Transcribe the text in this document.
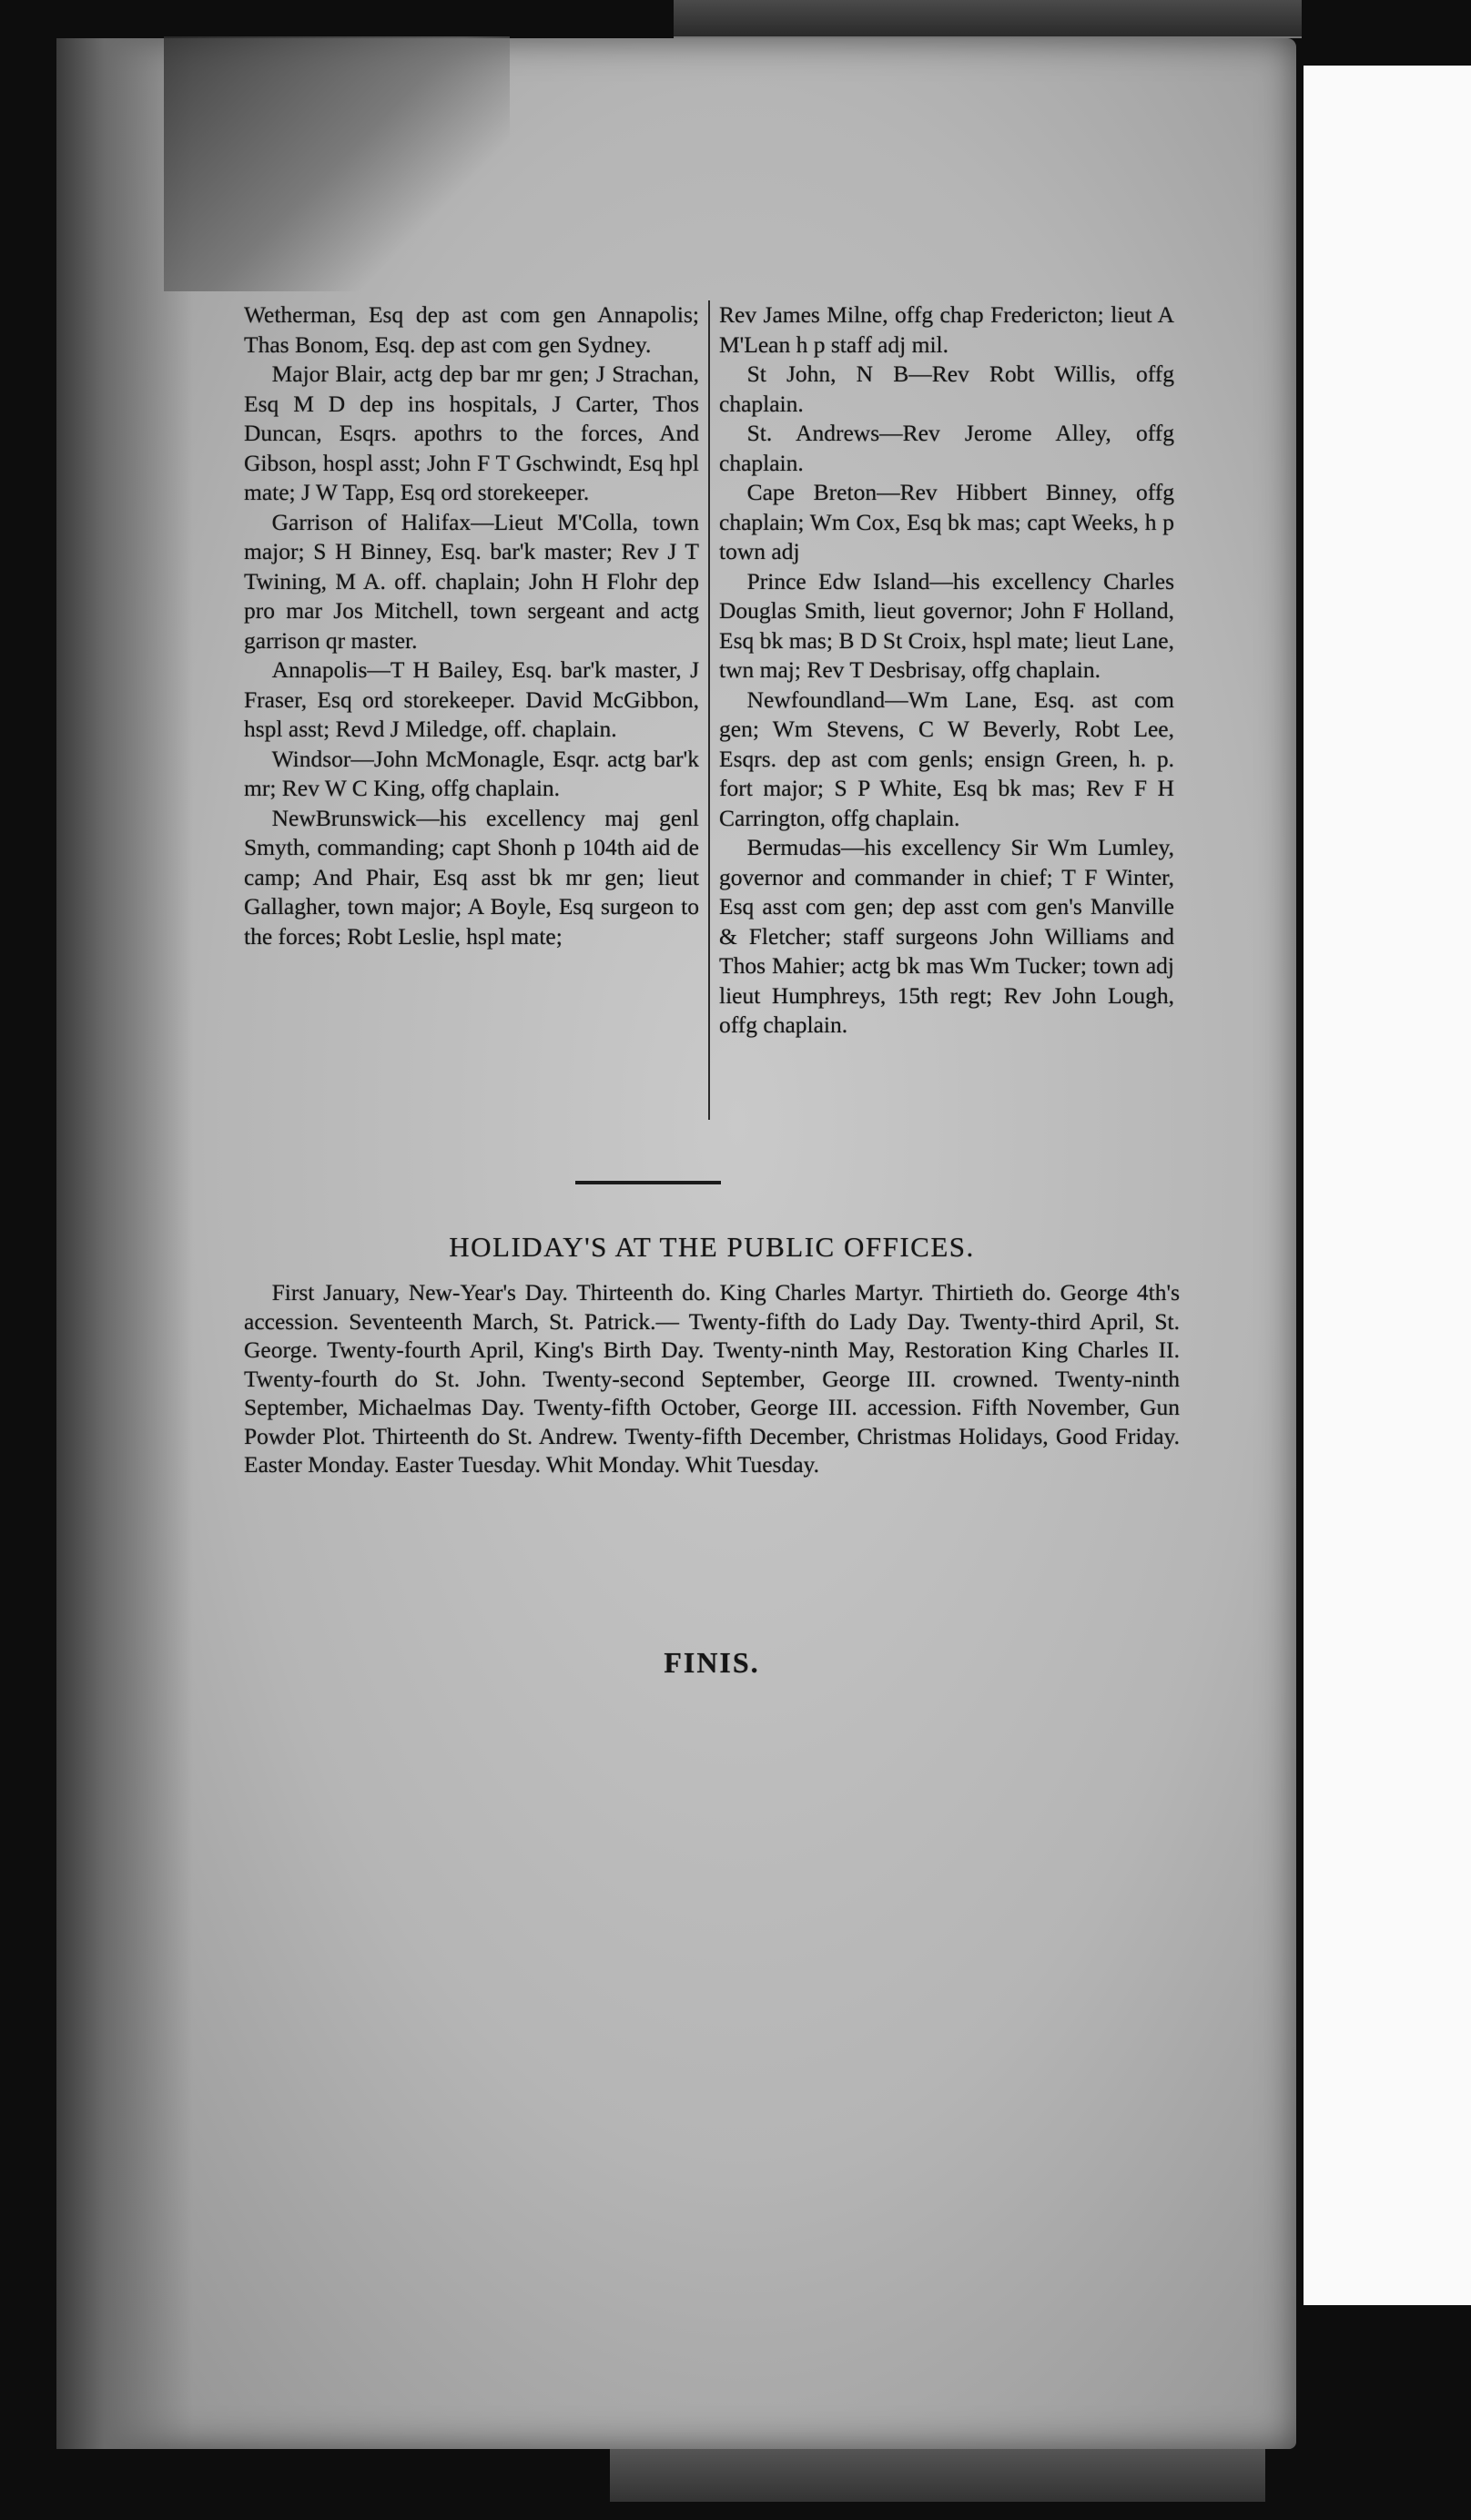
Wetherman, Esq dep ast com gen Annapolis; Thas Bonom, Esq. dep ast com gen Sydney.

Major Blair, actg dep bar mr gen; J Strachan, Esq M D dep ins hospitals, J Carter, Thos Duncan, Esqrs. apothrs to the forces, And Gibson, hospl asst; John F T Gschwindt, Esq hpl mate; J W Tapp, Esq ord storekeeper.

Garrison of Halifax—Lieut M'Colla, town major; S H Binney, Esq. bar'k master; Rev J T Twining, M A. off. chaplain; John H Flohr dep pro mar Jos Mitchell, town sergeant and actg garrison qr master.

Annapolis—T H Bailey, Esq. bar'k master, J Fraser, Esq ord storekeeper. David McGibbon, hspl asst; Revd J Miledge, off. chaplain.

Windsor—John McMonagle, Esqr. actg bar'k mr; Rev W C King, offg chaplain.

NewBrunswick—his excellency maj genl Smyth, commanding; capt Shonh p 104th aid de camp; And Phair, Esq asst bk mr gen; lieut Gallagher, town major; A Boyle, Esq surgeon to the forces; Robt Leslie, hspl mate;

Rev James Milne, offg chap Fredericton; lieut A M'Lean h p staff adj mil.

St John, N B—Rev Robt Willis, offg chaplain.

St. Andrews—Rev Jerome Alley, offg chaplain.

Cape Breton—Rev Hibbert Binney, offg chaplain; Wm Cox, Esq bk mas; capt Weeks, h p town adj

Prince Edw Island—his excellency Charles Douglas Smith, lieut governor; John F Holland, Esq bk mas; B D St Croix, hspl mate; lieut Lane, twn maj; Rev T Desbrisay, offg chaplain.

Newfoundland—Wm Lane, Esq. ast com gen; Wm Stevens, C W Beverly, Robt Lee, Esqrs. dep ast com genls; ensign Green, h. p. fort major; S P White, Esq bk mas; Rev F H Carrington, offg chaplain.

Bermudas—his excellency Sir Wm Lumley, governor and commander in chief; T F Winter, Esq asst com gen; dep asst com gen's Manville & Fletcher; staff surgeons John Williams and Thos Mahier; actg bk mas Wm Tucker; town adj lieut Humphreys, 15th regt; Rev John Lough, offg chaplain.

HOLIDAY'S AT THE PUBLIC OFFICES.

First January, New-Year's Day. Thirteenth do. King Charles Martyr. Thirtieth do. George 4th's accession. Seventeenth March, St. Patrick.— Twenty-fifth do Lady Day. Twenty-third April, St. George. Twenty-fourth April, King's Birth Day. Twenty-ninth May, Restoration King Charles II. Twenty-fourth do St. John. Twenty-second September, George III. crowned. Twenty-ninth September, Michaelmas Day. Twenty-fifth October, George III. accession. Fifth November, Gun Powder Plot. Thirteenth do St. Andrew. Twenty-fifth December, Christmas Holidays, Good Friday. Easter Monday. Easter Tuesday. Whit Monday. Whit Tuesday.

FINIS.
